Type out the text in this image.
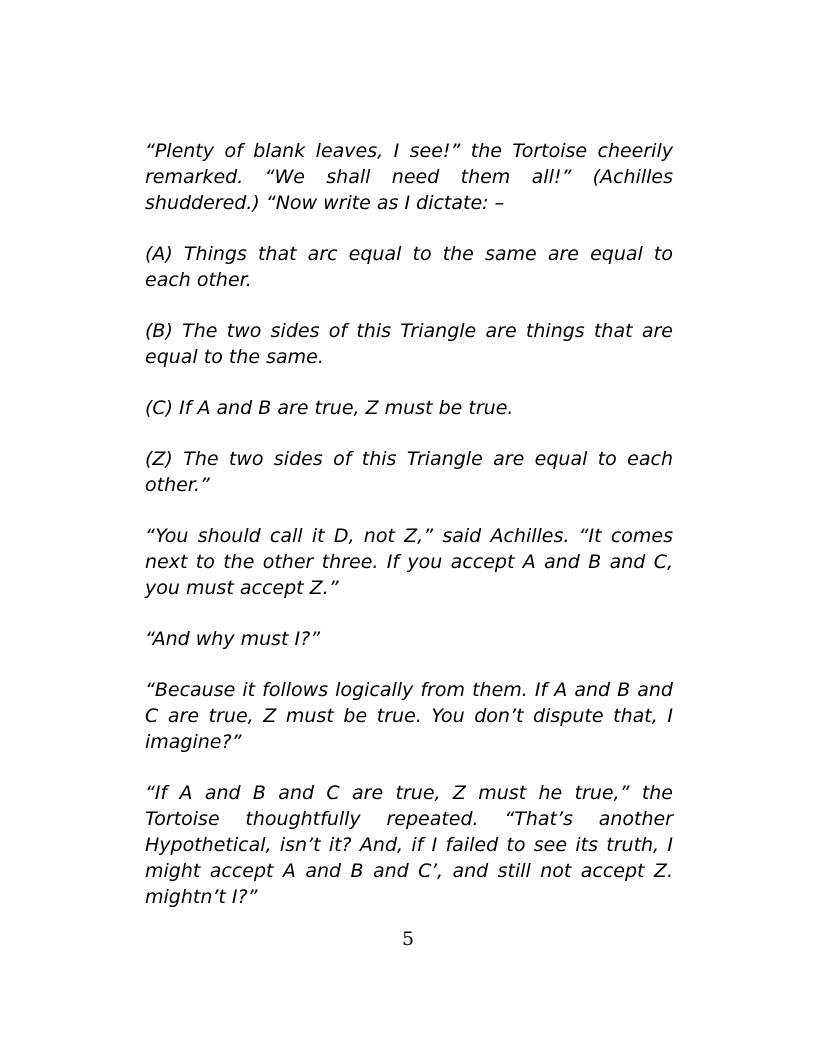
“Plenty of blank leaves, I see!” the Tortoise cheerily remarked. “We shall need them all!” (Achilles shuddered.) “Now write as I dictate: –

(A) Things that arc equal to the same are equal to each other.

(B) The two sides of this Triangle are things that are equal to the same.

(C) If A and B are true, Z must be true.

(Z) The two sides of this Triangle are equal to each other.”

“You should call it D, not Z,” said Achilles. “It comes next to the other three. If you accept A and B and C, you must accept Z.”

“And why must I?”

“Because it follows logically from them. If A and B and C are true, Z must be true. You don’t dispute that, I imagine?”

“If A and B and C are true, Z must he true,” the Tortoise thoughtfully repeated. “That’s another Hypothetical, isn’t it? And, if I failed to see its truth, I might accept A and B and C’, and still not accept Z. mightn’t I?”

5
